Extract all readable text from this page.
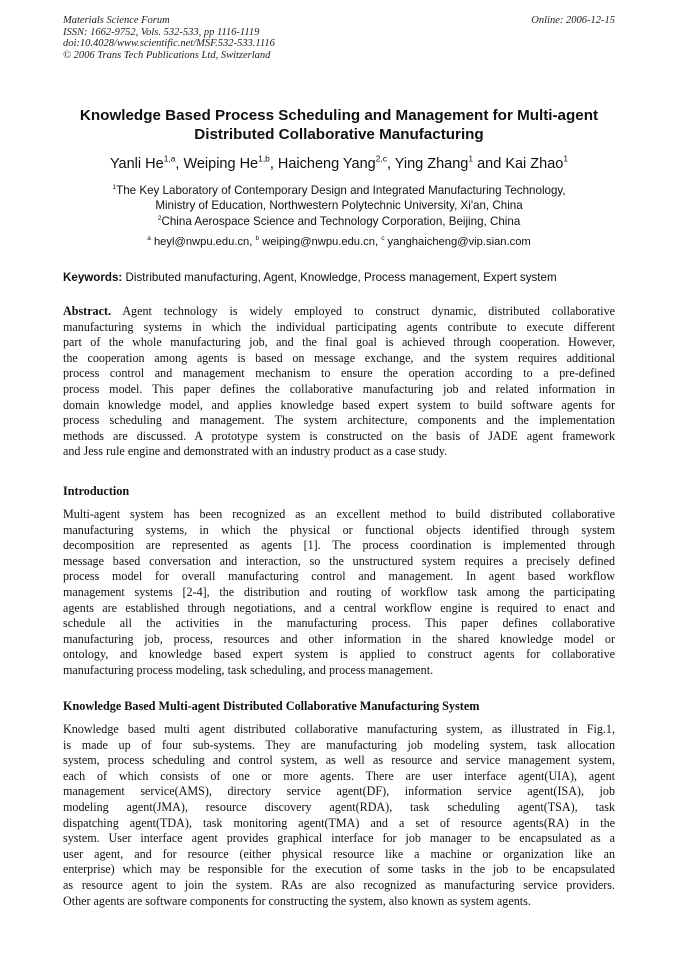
Materials Science Forum
ISSN: 1662-9752, Vols. 532-533, pp 1116-1119
doi:10.4028/www.scientific.net/MSF.532-533.1116
© 2006 Trans Tech Publications Ltd, Switzerland
Online: 2006-12-15
Knowledge Based Process Scheduling and Management for Multi-agent
Distributed Collaborative Manufacturing
Yanli He$^{1,a}$, Weiping He$^{1,b}$, Haicheng Yang$^{2,c}$, Ying Zhang$^1$ and Kai Zhao$^1$
$^1$The Key Laboratory of Contemporary Design and Integrated Manufacturing Technology,
Ministry of Education, Northwestern Polytechnic University, Xi'an, China
$^2$China Aerospace Science and Technology Corporation, Beijing, China
$^a$ heyl@nwpu.edu.cn, $^b$ weiping@nwpu.edu.cn, $^c$ yanghaicheng@vip.sian.com
Keywords: Distributed manufacturing, Agent, Knowledge, Process management, Expert system
Abstract. Agent technology is widely employed to construct dynamic, distributed collaborative
manufacturing systems in which the individual participating agents contribute to execute different
part of the whole manufacturing job, and the final goal is achieved through cooperation. However,
the cooperation among agents is based on message exchange, and the system requires additional
process control and management mechanism to ensure the operation according to a pre-defined
process model. This paper defines the collaborative manufacturing job and related information in
domain knowledge model, and applies knowledge based expert system to build software agents for
process scheduling and management. The system architecture, components and the implementation
methods are discussed. A prototype system is constructed on the basis of JADE agent framework
and Jess rule engine and demonstrated with an industry product as a case study.
Introduction
Multi-agent system has been recognized as an excellent method to build distributed collaborative
manufacturing systems, in which the physical or functional objects identified through system
decomposition are represented as agents [1]. The process coordination is implemented through
message based conversation and interaction, so the unstructured system requires a precisely defined
process model for overall manufacturing control and management. In agent based workflow
management systems [2-4], the distribution and routing of workflow task among the participating
agents are established through negotiations, and a central workflow engine is required to enact and
schedule all the activities in the manufacturing process. This paper defines collaborative
manufacturing job, process, resources and other information in the shared knowledge model or
ontology, and knowledge based expert system is applied to construct agents for collaborative
manufacturing process modeling, task scheduling, and process management.
Knowledge Based Multi-agent Distributed Collaborative Manufacturing System
Knowledge based multi agent distributed collaborative manufacturing system, as illustrated in Fig.1,
is made up of four sub-systems. They are manufacturing job modeling system, task allocation
system, process scheduling and control system, as well as resource and service management system,
each of which consists of one or more agents. There are user interface agent(UIA), agent
management service(AMS), directory service agent(DF), information service agent(ISA), job
modeling agent(JMA), resource discovery agent(RDA), task scheduling agent(TSA), task
dispatching agent(TDA), task monitoring agent(TMA) and a set of resource agents(RA) in the
system. User interface agent provides graphical interface for job manager to be encapsulated as a
user agent, and for resource (either physical resource like a machine or organization like an
enterprise) which may be responsible for the execution of some tasks in the job to be encapsulated
as resource agent to join the system. RAs are also recognized as manufacturing service providers.
Other agents are software components for constructing the system, also known as system agents.
